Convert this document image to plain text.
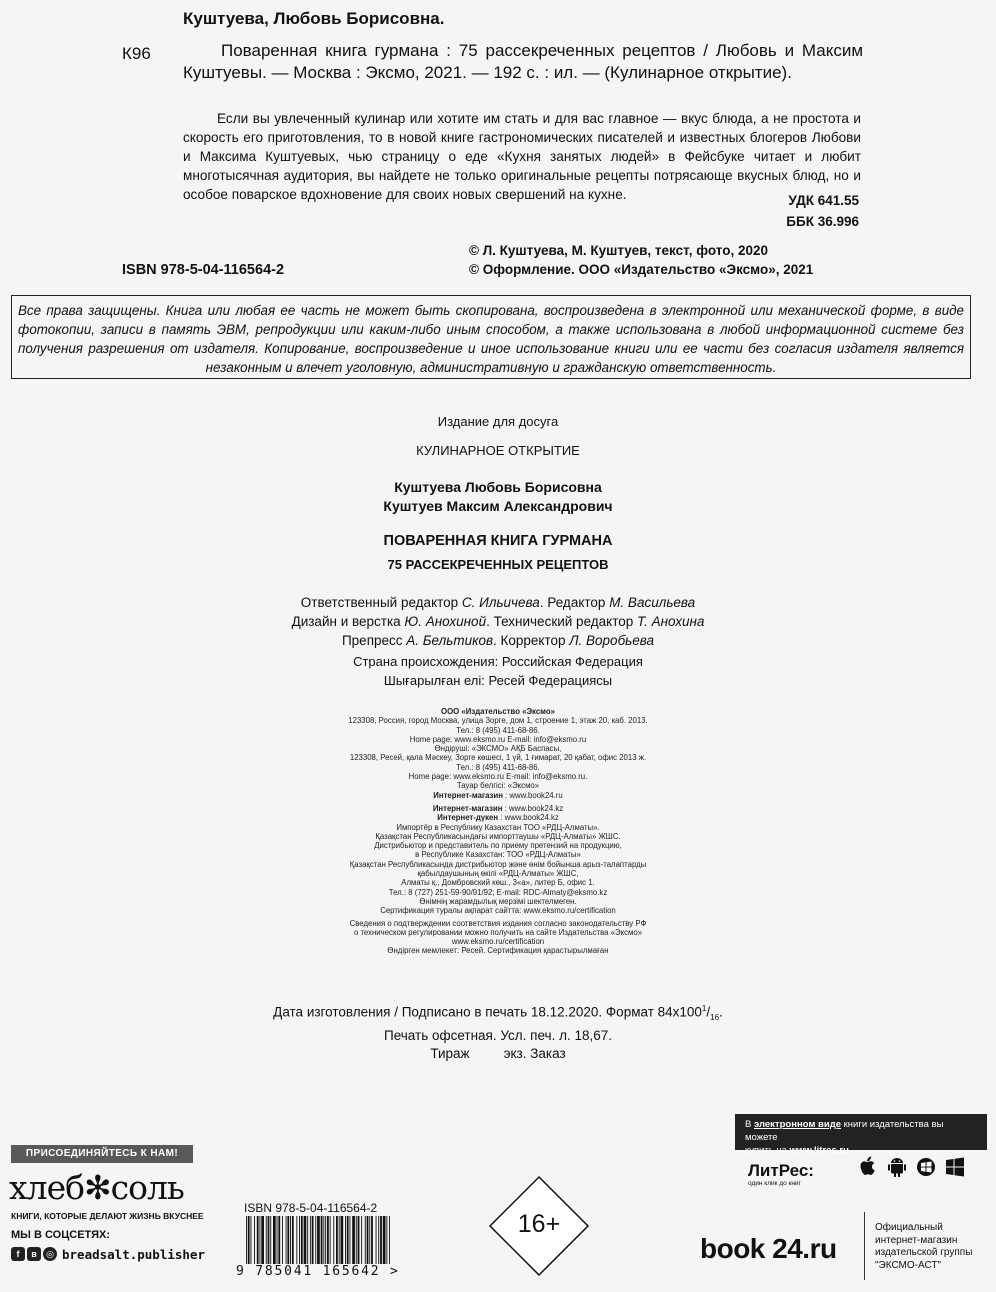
Куштуева, Любовь Борисовна.
К96	Поваренная книга гурмана : 75 рассекреченных рецептов / Любовь и Максим Куштуевы. — Москва : Эксмо, 2021. — 192 с. : ил. — (Кулинарное открытие).
Если вы увлеченный кулинар или хотите им стать и для вас главное — вкус блюда, а не простота и скорость его приготовления, то в новой книге гастрономических писателей и известных блогеров Любови и Максима Куштуевых, чью страницу о еде «Кухня занятых людей» в Фейсбуке читает и любит многотысячная аудитория, вы найдете не только оригинальные рецепты потрясающе вкусных блюд, но и особое поварское вдохновение для своих новых свершений на кухне.	УДК 641.55
ББК 36.996
© Л. Куштуева, М. Куштуев, текст, фото, 2020
ISBN 978-5-04-116564-2	© Оформление. ООО «Издательство «Эксмо», 2021
Все права защищены. Книга или любая ее часть не может быть скопирована, воспроизведена в электронной или механической форме, в виде фотокопии, записи в память ЭВМ, репродукции или каким-либо иным способом, а также использована в любой информационной системе без получения разрешения от издателя. Копирование, воспроизведение и иное использование книги или ее части без согласия издателя является незаконным и влечет уголовную, административную и гражданскую ответственность.
Издание для досуга
КУЛИНАРНОЕ ОТКРЫТИЕ
Куштуева Любовь Борисовна
Куштуев Максим Александрович
ПОВАРЕННАЯ КНИГА ГУРМАНА
75 РАССЕКРЕЧЕННЫХ РЕЦЕПТОВ
Ответственный редактор С. Ильичева. Редактор М. Васильева
Дизайн и верстка Ю. Анохиной. Технический редактор Т. Анохина
Препресс А. Бельтиков. Корректор Л. Воробьева
Страна происхождения: Российская Федерация
Шығарылған елі: Ресей Федерациясы
ООО «Издательство «Эксмо»
123308, Россия, город Москва, улица Зорге, дом 1, строение 1, этаж 20, каб. 2013.
Тел.: 8 (495) 411-68-86.
Home page: www.eksmo.ru E-mail: info@eksmo.ru
Өндіруші: «ЭКСМО» АҚБ Баспасы,
123308, Ресей, қала Мәскеу, Зорге көшесі, 1 үй, 1 ғимарат, 20 қабат, офис 2013 ж.
Тел.: 8 (495) 411-68-86.
Home page: www.eksmo.ru E-mail: info@eksmo.ru.
Тауар белгісі: «Эксмо»
Интернет-магазин : www.book24.ru
Интернет-магазин : www.book24.kz
Интернет-дүкен : www.book24.kz
Импортёр в Республику Казахстан ТОО «РДЦ-Алматы».
Қазақстан Республикасындағы импорттаушы «РДЦ-Алматы» ЖШС.
Дистрибьютор и представитель по приему претензий на продукцию,
в Республике Казахстан: ТОО «РДЦ-Алматы»
Қазақстан Республикасында дистрибьютор және өнім бойынша арыз-талаптарды
қабылдаушының өкілі «РДЦ-Алматы» ЖШС,
Алматы қ., Домбровский көш., 3«а», литер Б, офис 1.
Тел.: 8 (727) 251-59-90/91/92; E-mail: RDC-Almaty@eksmo.kz
Өнімнің жарамдылық мерзімі шектелмеген.
Сертификация туралы ақпарат сайтта: www.eksmo.ru/certification
Сведения о подтверждении соответствия издания согласно законодательству РФ
о техническом регулировании можно получить на сайте Издательства «Эксмо»
www.eksmo.ru/certification
Өндірген мемлекет: Ресей. Сертификация қарастырылмаған
Дата изготовления / Подписано в печать 18.12.2020. Формат $84x100^1/_{16}$.
Печать офсетная. Усл. печ. л. 18,67.
Тираж	экз. Заказ
ПРИСОЕДИНЯЙТЕСЬ К НАМ!
хлеб✻соль
КНИГИ, КОТОРЫЕ ДЕЛАЮТ ЖИЗНЬ ВКУСНЕЕ
МЫ В СОЦСЕТЯХ:
f	в	◎ breadsalt.publisher
ISBN 978-5-04-116564-2
9 785041 165642 >
16+
В электронном виде книги издательства вы можете
купить на www.litres.ru
ЛитРес:
один клик до книг
book 24.ru
Официальный
интернет-магазин
издательской группы
"ЭКСМО-АСТ"
